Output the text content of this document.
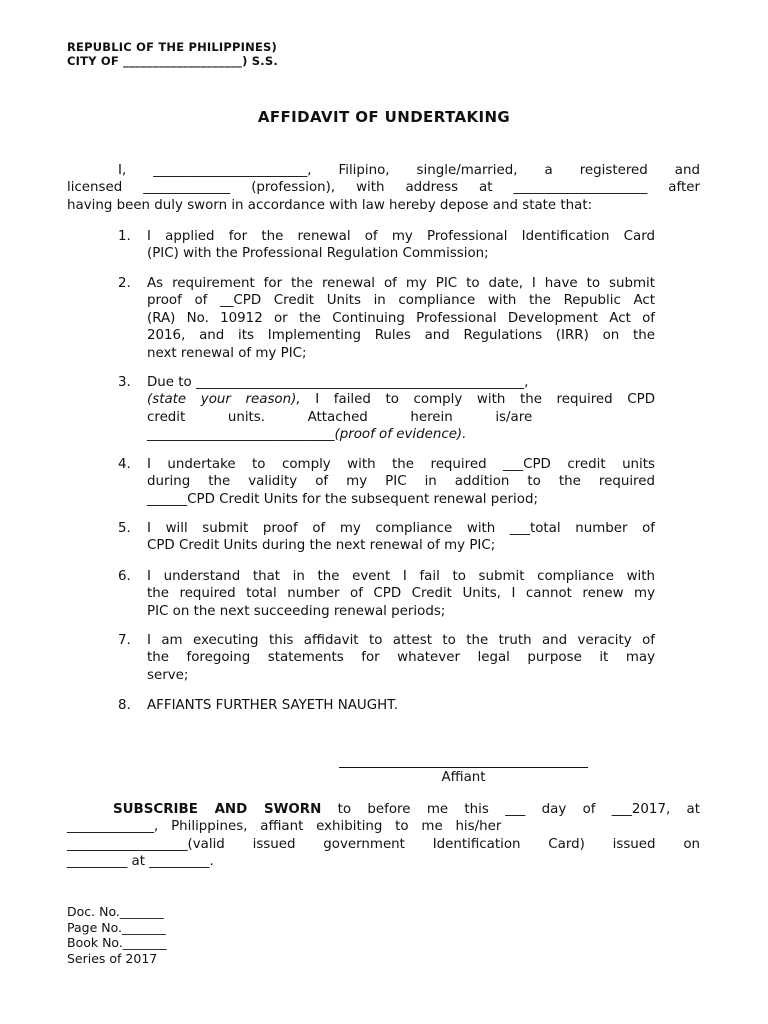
REPUBLIC OF THE PHILIPPINES)
CITY OF ____________________) S.S.
AFFIDAVIT OF UNDERTAKING
I, _______________________, Filipino, single/married, a registered and
licensed _____________ (profession), with address at ____________________ after
having been duly sworn in accordance with law hereby depose and state that:
1. I applied for the renewal of my Professional Identification Card
(PIC) with the Professional Regulation Commission;
2. As requirement for the renewal of my PIC to date, I have to submit
proof of __CPD Credit Units in compliance with the Republic Act
(RA) No. 10912 or the Continuing Professional Development Act of
2016, and its Implementing Rules and Regulations (IRR) on the
next renewal of my PIC;
3. Due to _________________________________________________,
(state your reason), I failed to comply with the required CPD
credit          units.          Attached          herein          is/are
____________________________(proof of evidence).
4. I undertake to comply with the required ___CPD credit units
during the validity of my PIC in addition to the required
______CPD Credit Units for the subsequent renewal period;
5. I will submit proof of my compliance with ___total number of
CPD Credit Units during the next renewal of my PIC;
6. I understand that in the event I fail to submit compliance with
the required total number of CPD Credit Units, I cannot renew my
PIC on the next succeeding renewal periods;
7. I am executing this affidavit to attest to the truth and veracity of
the foregoing statements for whatever legal purpose it may
serve;
8. AFFIANTS FURTHER SAYETH NAUGHT.
Affiant
SUBSCRIBE AND SWORN to before me this ___ day of ___2017, at
_____________,   Philippines,   affiant   exhibiting   to   me   his/her
__________________(valid issued government Identification Card) issued on
_________ at _________.
Doc. No._______
Page No._______
Book No._______
Series of 2017
